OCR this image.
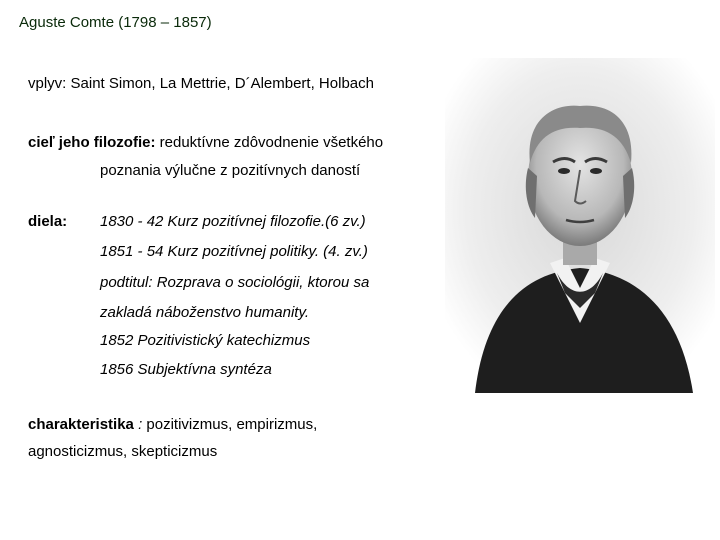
Aguste Comte (1798 – 1857)
vplyv: Saint Simon, La Mettrie, D´Alembert, Holbach
cieľ jeho filozofie: reduktívne zdôvodnenie všetkého
poznania výlučne z pozitívnych daností
diela: 1830 - 42 Kurz pozitívnej filozofie.(6 zv.)
1851 - 54 Kurz pozitívnej politiky. (4. zv.)
podtitul: Rozprava o sociológii, ktorou sa
zakladá náboženstvo humanity.
1852 Pozitivistický katechizmus
1856 Subjektívna syntéza
charakteristika : pozitivizmus, empirizmus,
agnosticizmus, skepticizmus
